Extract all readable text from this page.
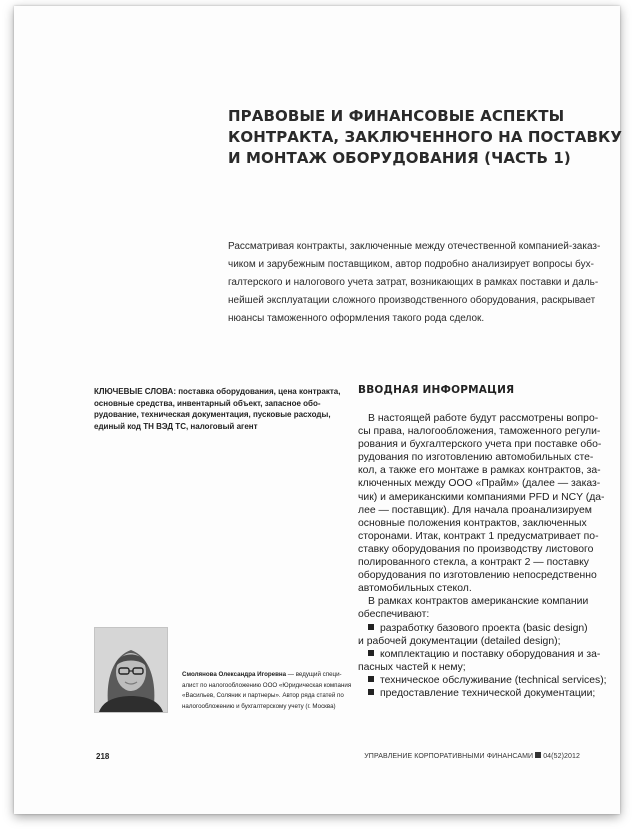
ПРАВОВЫЕ И ФИНАНСОВЫЕ АСПЕКТЫ
КОНТРАКТА, ЗАКЛЮЧЕННОГО НА ПОСТАВКУ
И МОНТАЖ ОБОРУДОВАНИЯ (ЧАСТЬ 1)
Рассматривая контракты, заключенные между отечественной компанией-заказ-
чиком и зарубежным поставщиком, автор подробно анализирует вопросы бух-
галтерского и налогового учета затрат, возникающих в рамках поставки и даль-
нейшей эксплуатации сложного производственного оборудования, раскрывает
нюансы таможенного оформления такого рода сделок.
КЛЮЧЕВЫЕ СЛОВА: поставка оборудования, цена контракта,
основные средства, инвентарный объект, запасное обо-
рудование, техническая документация, пусковые расходы,
единый код ТН ВЭД ТС, налоговый агент
ВВОДНАЯ ИНФОРМАЦИЯ
В настоящей работе будут рассмотрены вопро-
сы права, налогообложения, таможенного регули-
рования и бухгалтерского учета при поставке обо-
рудования по изготовлению автомобильных сте-
кол, а также его монтаже в рамках контрактов, за-
ключенных между ООО «Прайм» (далее — заказ-
чик) и американскими компаниями PFD и NCY (да-
лее — поставщик). Для начала проанализируем
основные положения контрактов, заключенных
сторонами. Итак, контракт 1 предусматривает по-
ставку оборудования по производству листового
полированного стекла, а контракт 2 — поставку
оборудования по изготовлению непосредственно
автомобильных стекол.
В рамках контрактов американские компании
обеспечивают:
разработку базового проекта (basic design)
и рабочей документации (detailed design);
комплектацию и поставку оборудования и за-
пасных частей к нему;
техническое обслуживание (technical services);
предоставление технической документации;
Смолянова Олександра Игоревна — ведущий специ-
алист по налогообложению ООО «Юридическая компания
«Васильев, Соляник и партнеры». Автор ряда статей по
налогообложению и бухгалтерскому учету (г. Москва)
218	УПРАВЛЕНИЕ КОРПОРАТИВНЫМИ ФИНАНСАМИ 04(52)2012
